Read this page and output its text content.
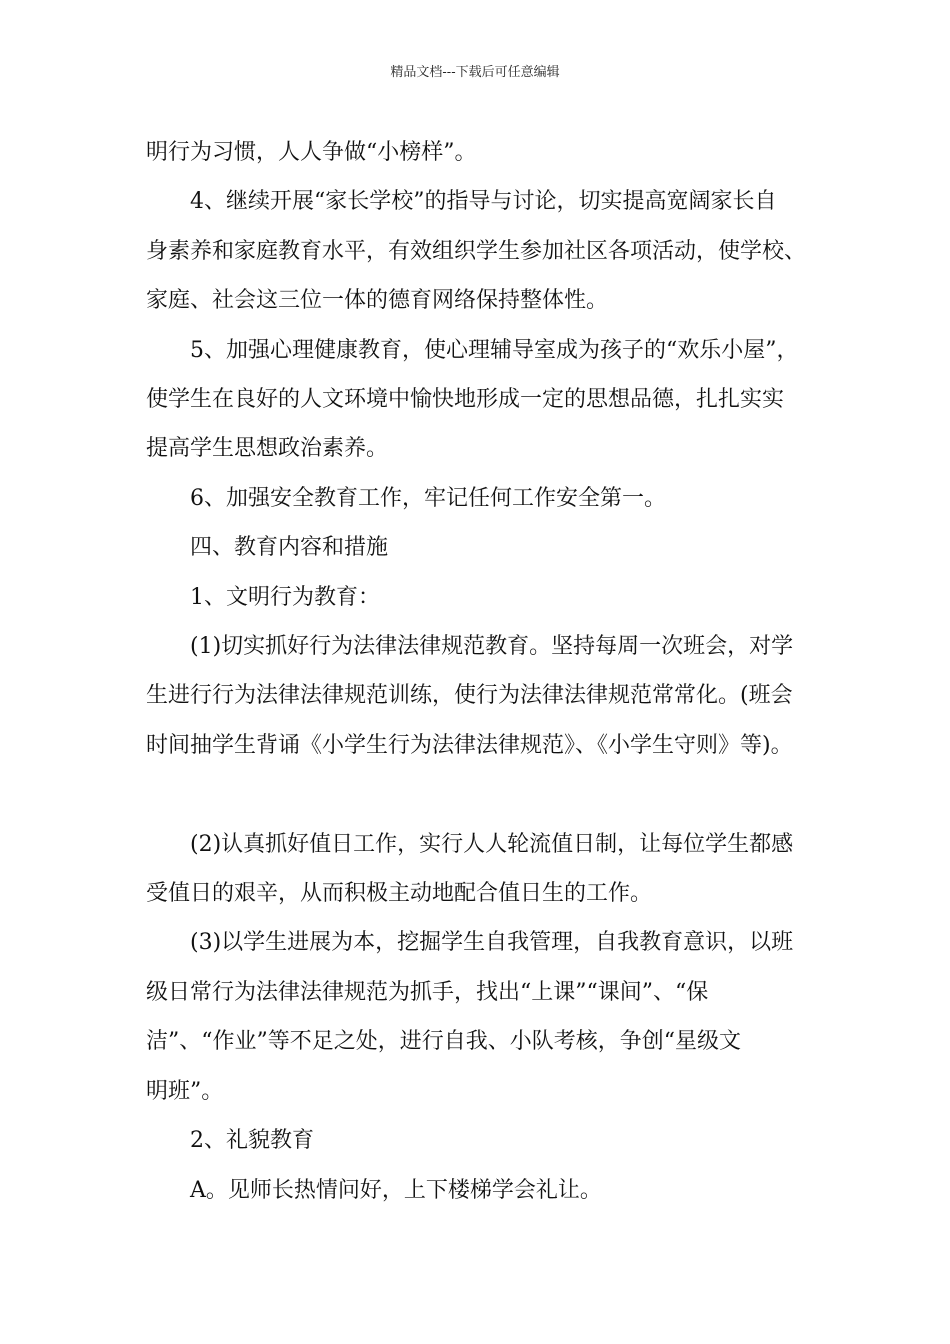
精品文档---下载后可任意编辑

明行为习惯，人人争做“小榜样”。

4、继续开展“家长学校”的指导与讨论，切实提高宽阔家长自

身素养和家庭教育水平，有效组织学生参加社区各项活动，使学校、

家庭、社会这三位一体的德育网络保持整体性。

5、加强心理健康教育，使心理辅导室成为孩子的“欢乐小屋”，

使学生在良好的人文环境中愉快地形成一定的思想品德，扎扎实实

提高学生思想政治素养。

6、加强安全教育工作，牢记任何工作安全第一。

四、教育内容和措施

1、文明行为教育：

(1)切实抓好行为法律法律规范教育。坚持每周一次班会，对学

生进行行为法律法律规范训练，使行为法律法律规范常常化。(班会

时间抽学生背诵《小学生行为法律法律规范》、《小学生守则》等)。

(2)认真抓好值日工作，实行人人轮流值日制，让每位学生都感

受值日的艰辛，从而积极主动地配合值日生的工作。

(3)以学生进展为本，挖掘学生自我管理，自我教育意识，以班

级日常行为法律法律规范为抓手，找出“上课”“课间”、“保

洁”、“作业”等不足之处，进行自我、小队考核，争创“星级文

明班”。

2、礼貌教育

A。见师长热情问好，上下楼梯学会礼让。
